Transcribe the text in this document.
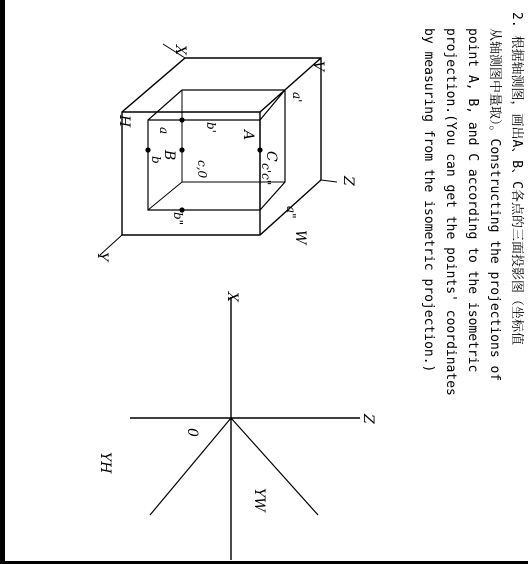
2. 根据轴测图，画出A、B、C各点的三面投影图（坐标值
从轴测图中量取）。Constructing the projections of
point A, B, and C according to the isometric
projection.(You can get the points' coordinates
by measuring from the isometric projection.)
X
Y
Z
V
H
W
a'
A
b'
a
B
b
c,0
C
c'c"
b"	a"
X
Z
0
YH
YW
